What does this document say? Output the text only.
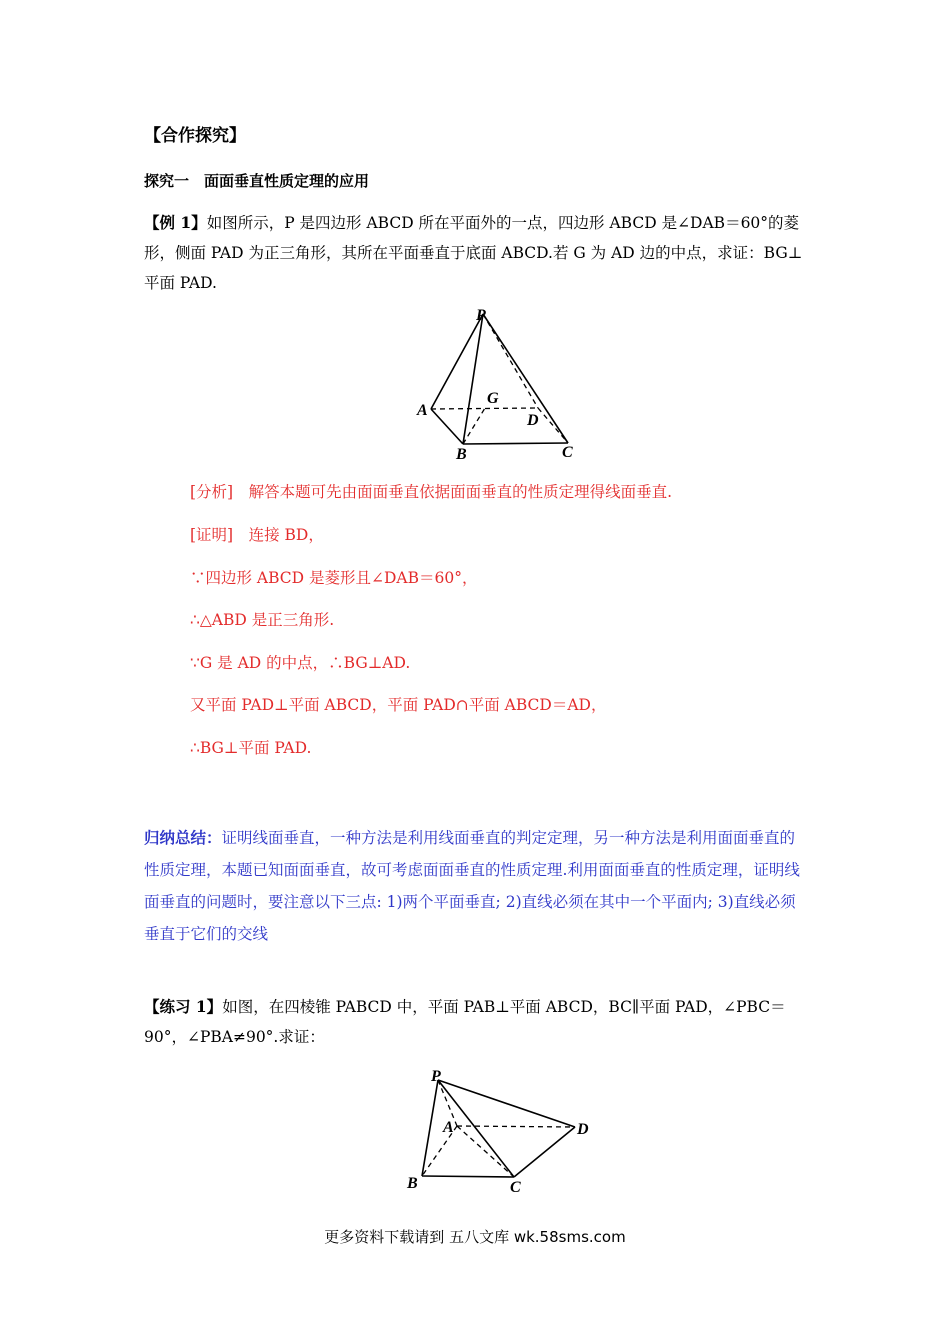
【合作探究】
探究一　面面垂直性质定理的应用
【例 1】如图所示，P 是四边形 ABCD 所在平面外的一点，四边形 ABCD 是∠DAB＝60°的菱形，侧面 PAD 为正三角形，其所在平面垂直于底面 ABCD.若 G 为 AD 边的中点，求证：BG⊥平面 PAD.
P
A
G
D
B	C
[分析]　解答本题可先由面面垂直依据面面垂直的性质定理得线面垂直.
[证明]　连接 BD，
∵四边形 ABCD 是菱形且∠DAB＝60°，
∴△ABD 是正三角形.
∵G 是 AD 的中点，∴BG⊥AD.
又平面 PAD⊥平面 ABCD，平面 PAD∩平面 ABCD＝AD，
∴BG⊥平面 PAD.
归纳总结：证明线面垂直，一种方法是利用线面垂直的判定定理，另一种方法是利用面面垂直的性质定理，本题已知面面垂直，故可考虑面面垂直的性质定理.利用面面垂直的性质定理，证明线面垂直的问题时，要注意以下三点: 1)两个平面垂直; 2)直线必须在其中一个平面内; 3)直线必须垂直于它们的交线
【练习 1】如图，在四棱锥 PABCD 中，平面 PAB⊥平面 ABCD，BC∥平面 PAD，∠PBC＝90°，∠PBA≠90°.求证：
P
A	D
B	C
更多资料下载请到 五八文库 wk.58sms.com
